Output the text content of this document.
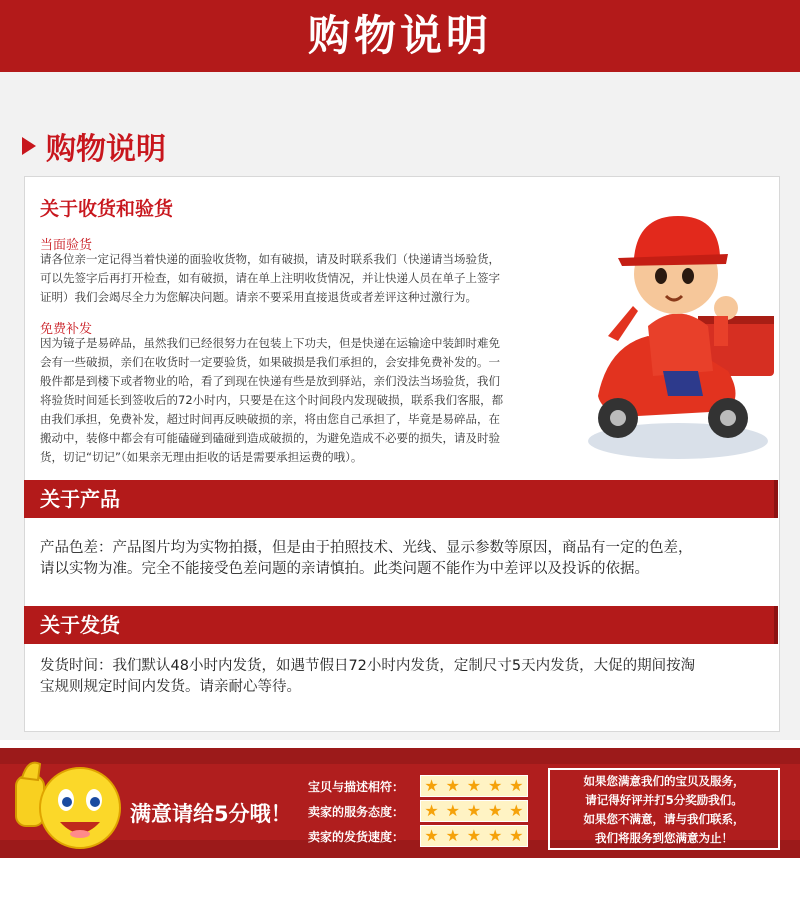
购物说明
购物说明
关于收货和验货
当面验货
请各位亲一定记得当着快递的面验收货物，如有破损，请及时联系我们（快递请当场验货，
可以先签字后再打开检查，如有破损，请在单上注明收货情况，并让快递人员在单子上签字
证明）我们会竭尽全力为您解决问题。请亲不要采用直接退货或者差评这种过激行为。
免费补发
因为镜子是易碎品，虽然我们已经很努力在包装上下功夫，但是快递在运输途中装卸时难免
会有一些破损，亲们在收货时一定要验货，如果破损是我们承担的，会安排免费补发的。一
般件都是到楼下或者物业的哈，看了到现在快递有些是放到驿站，亲们没法当场验货，我们
将验货时间延长到签收后的72小时内，只要是在这个时间段内发现破损，联系我们客服，都
由我们承担，免费补发，超过时间再反映破损的亲，将由您自己承担了，毕竟是易碎品，在
搬动中，装修中都会有可能磕碰到磕碰到造成破损的，为避免造成不必要的损失，请及时验
货，切记“切记”（如果亲无理由拒收的话是需要承担运费的哦）。
关于产品
产品色差：产品图片均为实物拍摄，但是由于拍照技术、光线、显示参数等原因，商品有一定的色差，
请以实物为准。完全不能接受色差问题的亲请慎拍。此类问题不能作为中差评以及投诉的依据。
关于发货
发货时间：我们默认48小时内发货，如遇节假日72小时内发货，定制尺寸5天内发货，大促的期间按淘
宝规则规定时间内发货。请亲耐心等待。
满意请给5分哦！
宝贝与描述相符：
卖家的服务态度：
卖家的发货速度：
★ ★ ★ ★ ★
★ ★ ★ ★ ★
★ ★ ★ ★ ★
如果您满意我们的宝贝及服务，
请记得好评并打5分奖励我们。
如果您不满意，请与我们联系，
我们将服务到您满意为止！
